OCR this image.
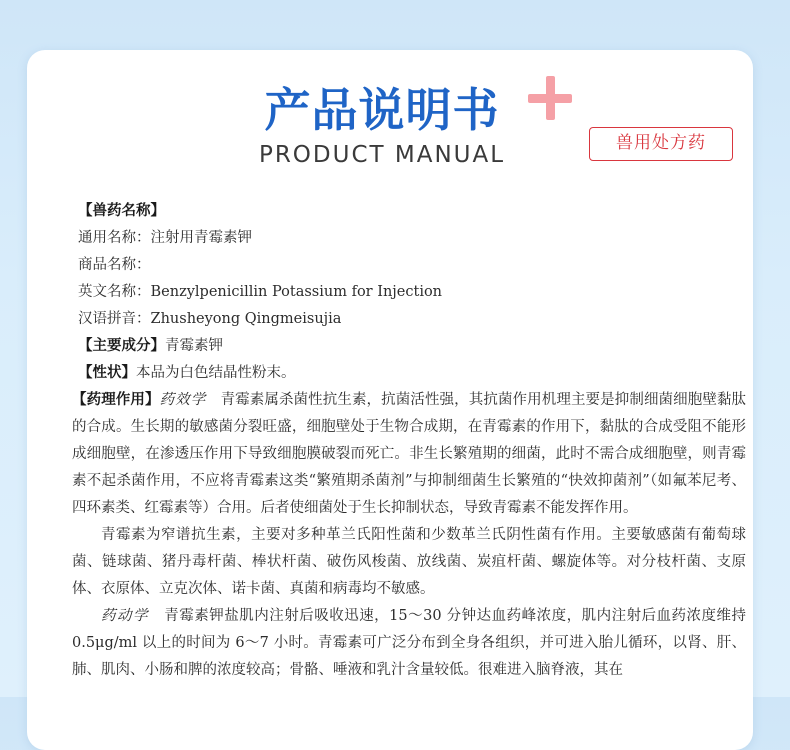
产品说明书
PRODUCT MANUAL	兽用处方药
【兽药名称】
通用名称：注射用青霉素钾
商品名称：
英文名称：Benzylpenicillin Potassium for Injection
汉语拼音：Zhusheyong Qingmeisujia
【主要成分】青霉素钾
【性状】本品为白色结晶性粉末。
【药理作用】药效学 青霉素属杀菌性抗生素，抗菌活性强，其抗菌作用机理主要是抑制细菌细胞壁黏肽的合成。生长期的敏感菌分裂旺盛，细胞壁处于生物合成期，在青霉素的作用下，黏肽的合成受阻不能形成细胞壁，在渗透压作用下导致细胞膜破裂而死亡。非生长繁殖期的细菌，此时不需合成细胞壁，则青霉素不起杀菌作用，不应将青霉素这类“繁殖期杀菌剂”与抑制细菌生长繁殖的“快效抑菌剂”（如氟苯尼考、四环素类、红霉素等）合用。后者使细菌处于生长抑制状态，导致青霉素不能发挥作用。
青霉素为窄谱抗生素，主要对多种革兰氏阳性菌和少数革兰氏阴性菌有作用。主要敏感菌有葡萄球菌、链球菌、猪丹毒杆菌、棒状杆菌、破伤风梭菌、放线菌、炭疽杆菌、螺旋体等。对分枝杆菌、支原体、衣原体、立克次体、诺卡菌、真菌和病毒均不敏感。
药动学 青霉素钾盐肌内注射后吸收迅速，15～30 分钟达血药峰浓度，肌内注射后血药浓度维持 0.5μg/ml 以上的时间为 6～7 小时。青霉素可广泛分布到全身各组织，并可进入胎儿循环，以肾、肝、肺、肌肉、小肠和脾的浓度较高；骨骼、唾液和乳汁含量较低。很难进入脑脊液，其在
